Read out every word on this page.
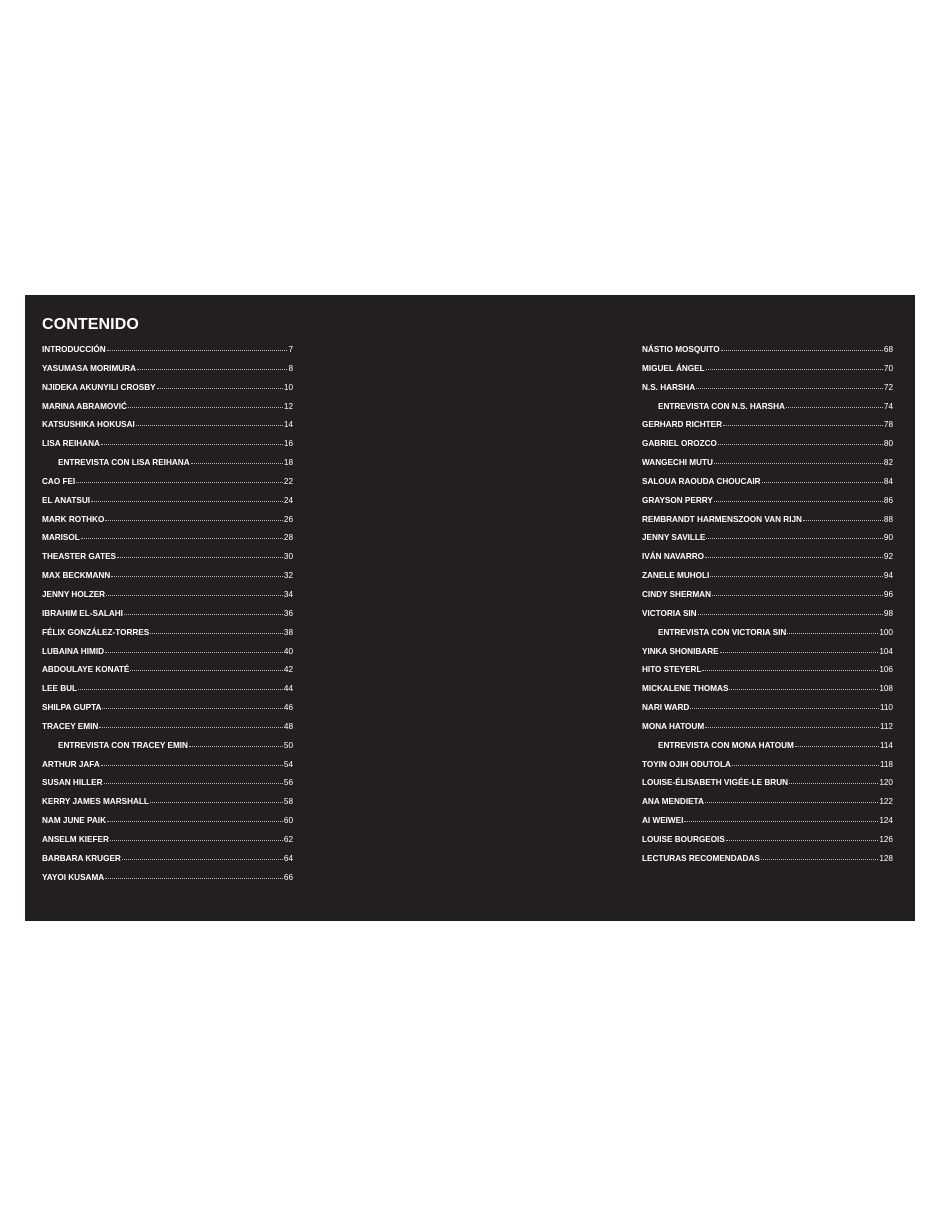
CONTENIDO
INTRODUCCIÓN	7
YASUMASA MORIMURA	8
NJIDEKA AKUNYILI CROSBY	10
MARINA ABRAMOVIĆ	12
KATSUSHIKA HOKUSAI	14
LISA REIHANA	16
ENTREVISTA CON LISA REIHANA	18
CAO FEI	22
EL ANATSUI	24
MARK ROTHKO	26
MARISOL	28
THEASTER GATES	30
MAX BECKMANN	32
JENNY HOLZER	34
IBRAHIM EL-SALAHI	36
FÉLIX GONZÁLEZ-TORRES	38
LUBAINA HIMID	40
ABDOULAYE KONATÉ	42
LEE BUL	44
SHILPA GUPTA	46
TRACEY EMIN	48
ENTREVISTA CON TRACEY EMIN	50
ARTHUR JAFA	54
SUSAN HILLER	56
KERRY JAMES MARSHALL	58
NAM JUNE PAIK	60
ANSELM KIEFER	62
BARBARA KRUGER	64
YAYOI KUSAMA	66
NÁSTIO MOSQUITO	68
MIGUEL ÁNGEL	70
N.S. HARSHA	72
ENTREVISTA CON N.S. HARSHA	74
GERHARD RICHTER	78
GABRIEL OROZCO	80
WANGECHI MUTU	82
SALOUA RAOUDA CHOUCAIR	84
GRAYSON PERRY	86
REMBRANDT HARMENSZOON VAN RIJN	88
JENNY SAVILLE	90
IVÁN NAVARRO	92
ZANELE MUHOLI	94
CINDY SHERMAN	96
VICTORIA SIN	98
ENTREVISTA CON VICTORIA SIN	100
YINKA SHONIBARE	104
HITO STEYERL	106
MICKALENE THOMAS	108
NARI WARD	110
MONA HATOUM	112
ENTREVISTA CON MONA HATOUM	114
TOYIN OJIH ODUTOLA	118
LOUISE-ÉLISABETH VIGÉE-LE BRUN	120
ANA MENDIETA	122
AI WEIWEI	124
LOUISE BOURGEOIS	126
LECTURAS RECOMENDADAS	128
